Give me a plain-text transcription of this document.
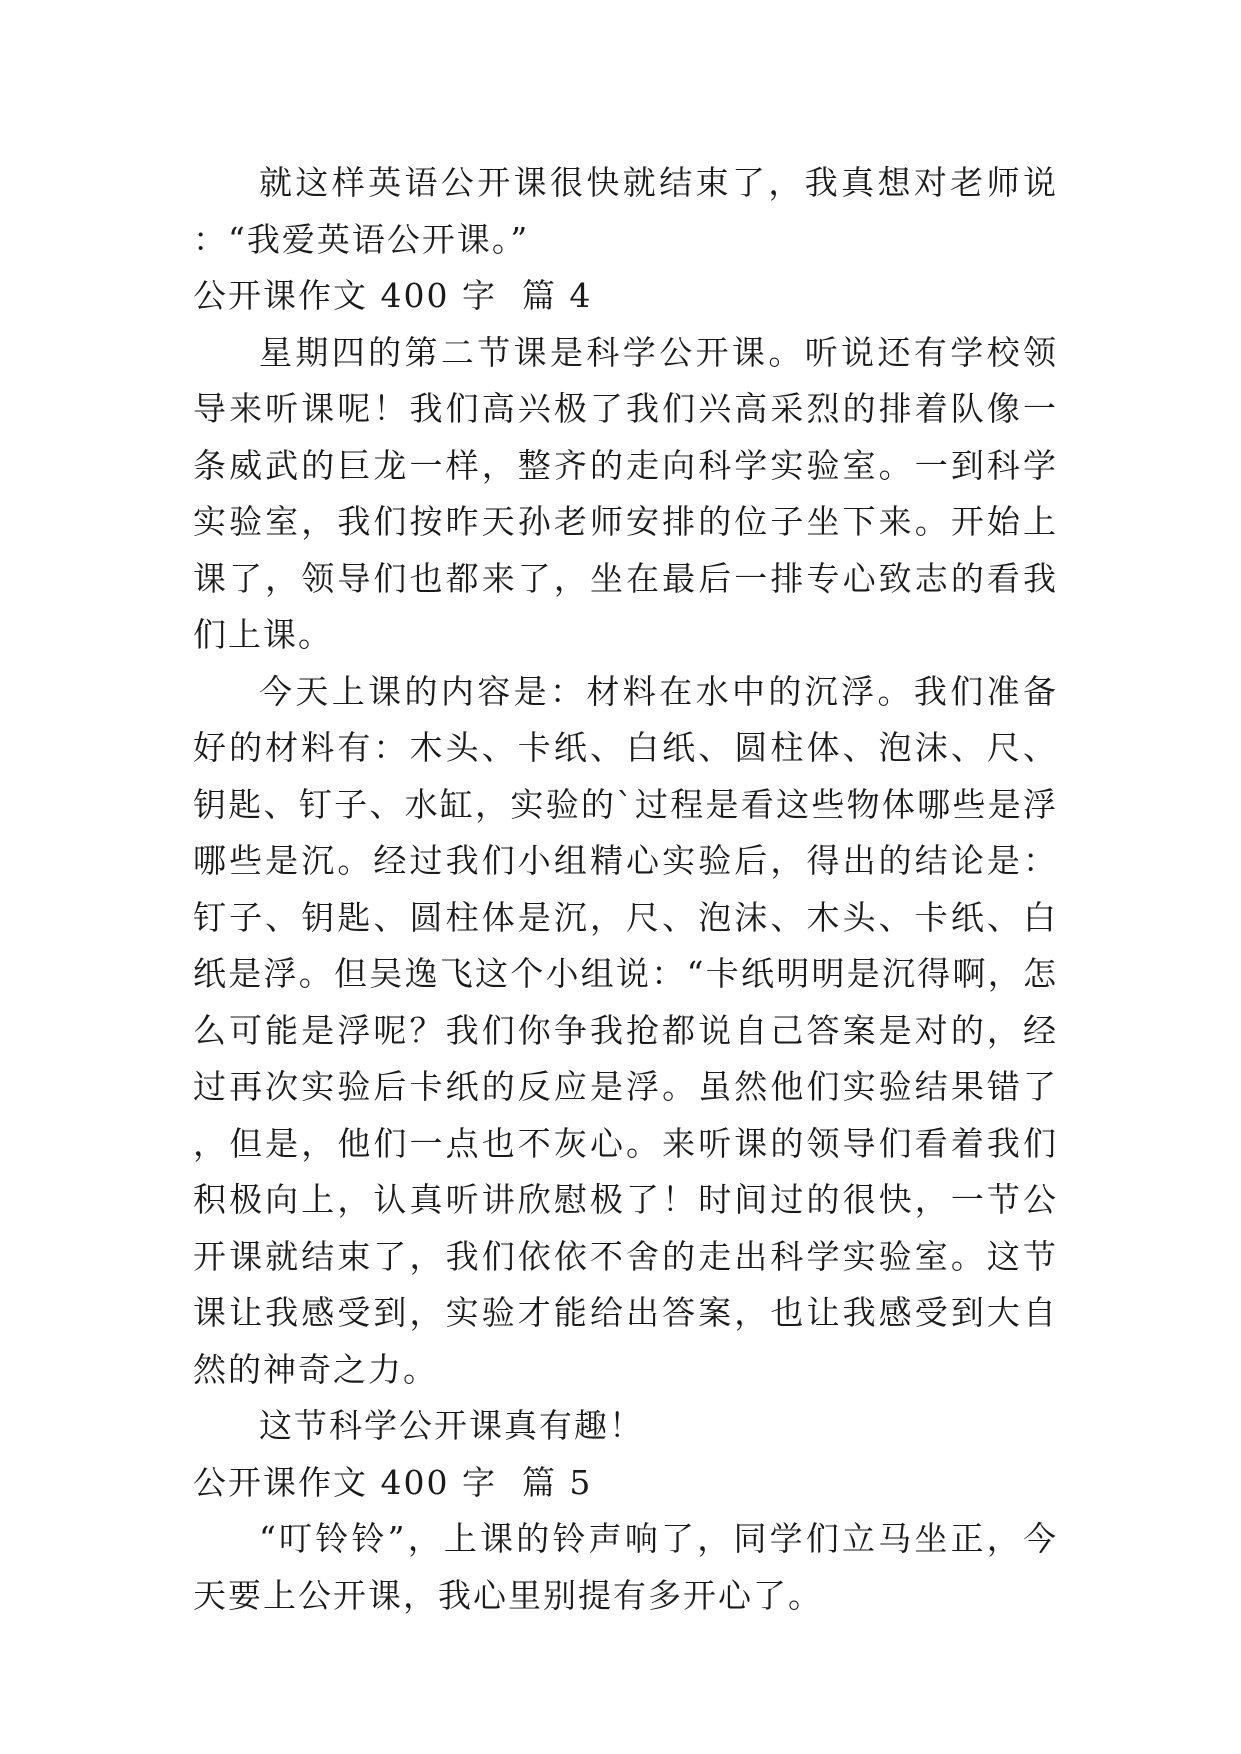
就这样英语公开课很快就结束了，我真想对老师说：“我爱英语公开课。”

公开课作文 400 字  篇 4

星期四的第二节课是科学公开课。听说还有学校领导来听课呢！我们高兴极了我们兴高采烈的排着队像一条威武的巨龙一样，整齐的走向科学实验室。一到科学实验室，我们按昨天孙老师安排的位子坐下来。开始上课了，领导们也都来了，坐在最后一排专心致志的看我们上课。

今天上课的内容是：材料在水中的沉浮。我们准备好的材料有：木头、卡纸、白纸、圆柱体、泡沫、尺、钥匙、钉子、水缸，实验的`过程是看这些物体哪些是浮哪些是沉。经过我们小组精心实验后，得出的结论是：钉子、钥匙、圆柱体是沉，尺、泡沫、木头、卡纸、白纸是浮。但吴逸飞这个小组说：“卡纸明明是沉得啊，怎么可能是浮呢？我们你争我抢都说自己答案是对的，经过再次实验后卡纸的反应是浮。虽然他们实验结果错了，但是，他们一点也不灰心。来听课的领导们看着我们积极向上，认真听讲欣慰极了！时间过的很快，一节公开课就结束了，我们依依不舍的走出科学实验室。这节课让我感受到，实验才能给出答案，也让我感受到大自然的神奇之力。

这节科学公开课真有趣！

公开课作文 400 字  篇 5

“叮铃铃”，上课的铃声响了，同学们立马坐正，今天要上公开课，我心里别提有多开心了。
